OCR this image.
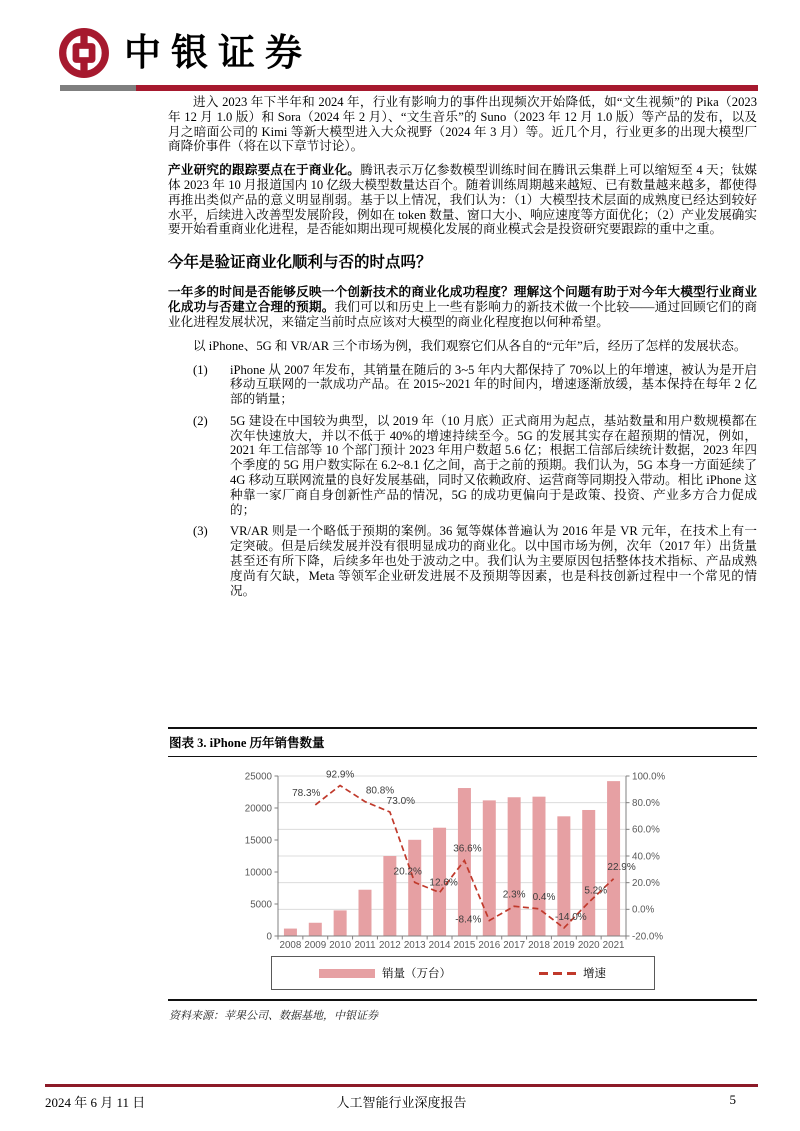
中银证券

进入 2023 年下半年和 2024 年，行业有影响力的事件出现频次开始降低，如“文生视频”的 Pika（2023 年 12 月 1.0 版）和 Sora（2024 年 2 月）、“文生音乐”的 Suno（2023 年 12 月 1.0 版）等产品的发布，以及月之暗面公司的 Kimi 等新大模型进入大众视野（2024 年 3 月）等。近几个月，行业更多的出现大模型厂商降价事件（将在以下章节讨论）。

产业研究的跟踪要点在于商业化。腾讯表示万亿参数模型训练时间在腾讯云集群上可以缩短至 4 天；钛媒体 2023 年 10 月报道国内 10 亿级大模型数量达百个。随着训练周期越来越短、已有数量越来越多，都使得再推出类似产品的意义明显削弱。基于以上情况，我们认为：（1）大模型技术层面的成熟度已经达到较好水平，后续进入改善型发展阶段，例如在 token 数量、窗口大小、响应速度等方面优化；（2）产业发展确实要开始看重商业化进程，是否能如期出现可规模化发展的商业模式会是投资研究要跟踪的重中之重。

今年是验证商业化顺利与否的时点吗？

一年多的时间是否能够反映一个创新技术的商业化成功程度？理解这个问题有助于对今年大模型行业商业化成功与否建立合理的预期。我们可以和历史上一些有影响力的新技术做一个比较——通过回顾它们的商业化进程发展状况，来锚定当前时点应该对大模型的商业化程度抱以何种希望。

以 iPhone、5G 和 VR/AR 三个市场为例，我们观察它们从各自的“元年”后，经历了怎样的发展状态。

(1)	iPhone 从 2007 年发布，其销量在随后的 3~5 年内大都保持了 70%以上的年增速，被认为是开启移动互联网的一款成功产品。在 2015~2021 年的时间内，增速逐渐放缓，基本保持在每年 2 亿部的销量；
(2)	5G 建设在中国较为典型，以 2019 年（10 月底）正式商用为起点，基站数量和用户数规模都在次年快速放大，并以不低于 40%的增速持续至今。5G 的发展其实存在超预期的情况，例如，2021 年工信部等 10 个部门预计 2023 年用户数超 5.6 亿；根据工信部后续统计数据，2023 年四个季度的 5G 用户数实际在 6.2~8.1 亿之间，高于之前的预期。我们认为，5G 本身一方面延续了 4G 移动互联网流量的良好发展基础，同时又依赖政府、运营商等同期投入带动。相比 iPhone 这种靠一家厂商自身创新性产品的情况，5G 的成功更偏向于是政策、投资、产业多方合力促成的；
(3)	VR/AR 则是一个略低于预期的案例。36 氪等媒体普遍认为 2016 年是 VR 元年，在技术上有一定突破。但是后续发展并没有很明显成功的商业化。以中国市场为例，次年（2017 年）出货量甚至还有所下降，后续多年也处于波动之中。我们认为主要原因包括整体技术指标、产品成熟度尚有欠缺，Meta 等领军企业研发进展不及预期等因素，也是科技创新过程中一个常见的情况。
图表 3. iPhone 历年销售数量
-20.0%
0.0%
20.0%
40.0%
60.0%
80.0%
100.0%
0
5000
10000
15000
20000
25000
2008 2009 2010 2011 2012 2013 2014 2015 2016 2017 2018 2019 2020 2021
78.3%
92.9%
80.8%
73.0%
20.2%
12.6%
36.6%
-8.4%
2.3% 0.4%
-14.0%
5.2%
22.9%
销量（万台）	增速
资料来源：苹果公司、数据基地，中银证券
2024 年 6 月 11 日	人工智能行业深度报告	5
